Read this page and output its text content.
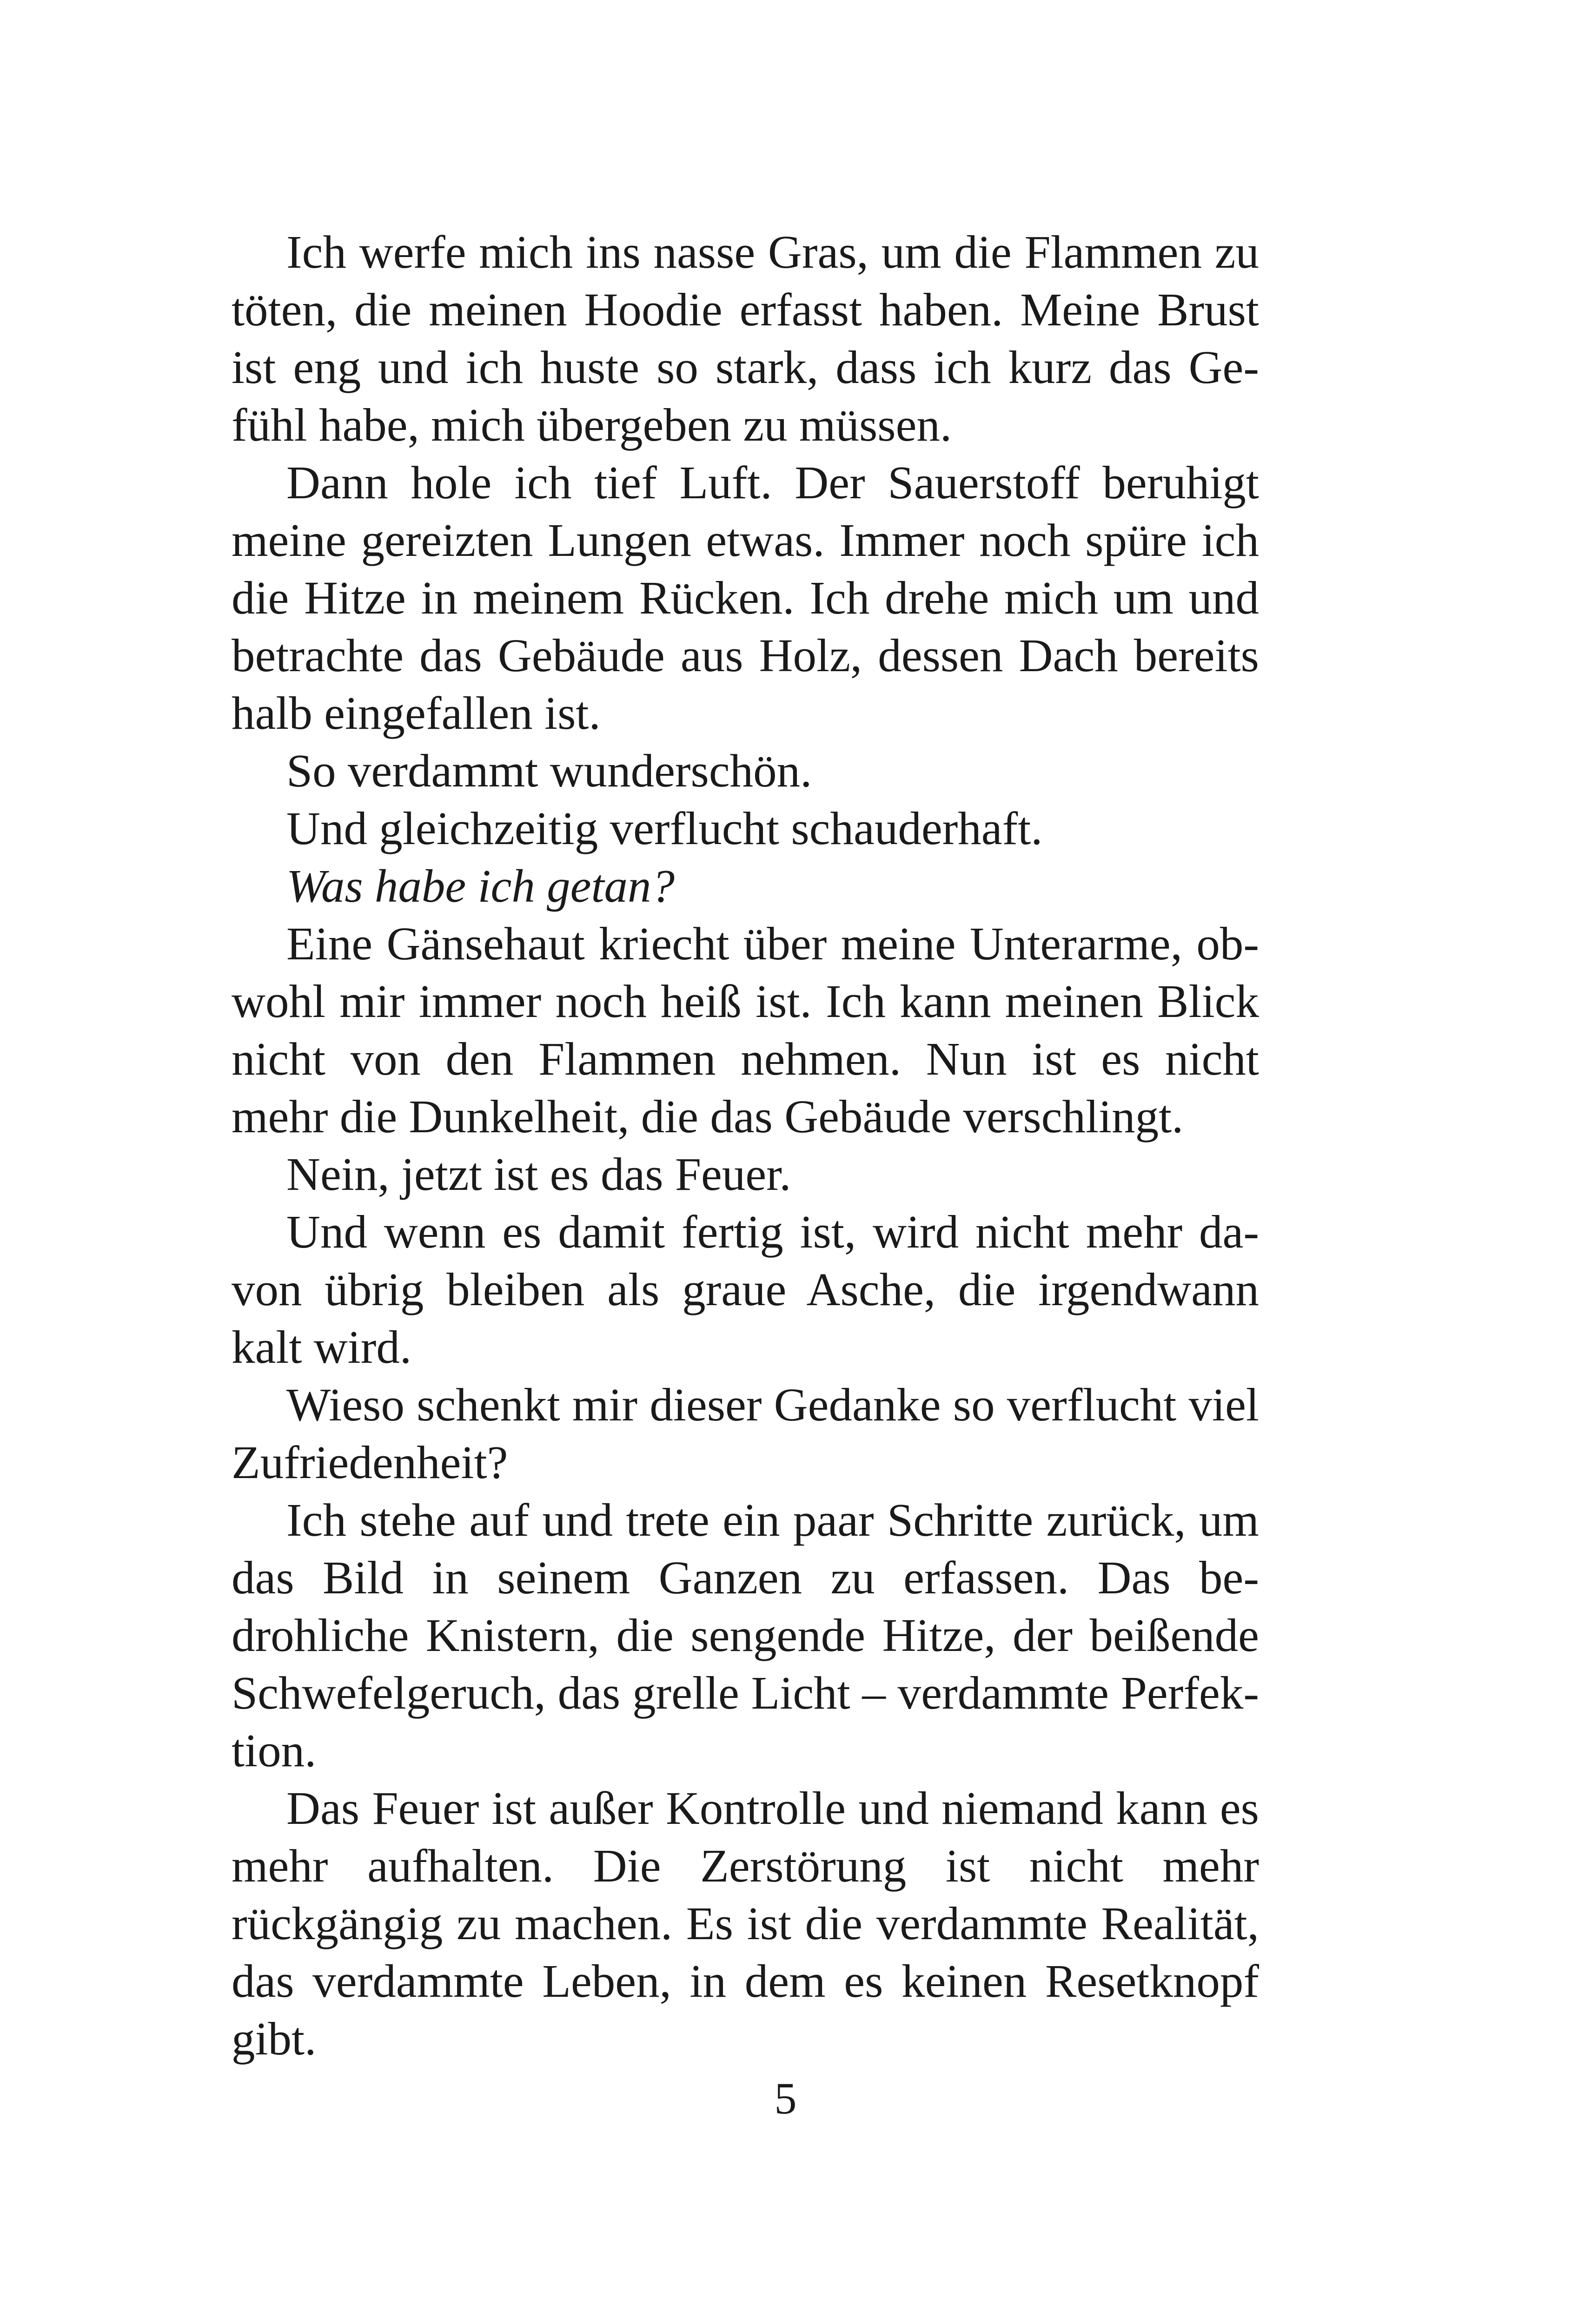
Ich werfe mich ins nasse Gras, um die Flammen zu töten, die meinen Hoodie erfasst haben. Meine Brust ist eng und ich huste so stark, dass ich kurz das Gefühl habe, mich übergeben zu müssen.

Dann hole ich tief Luft. Der Sauerstoff beruhigt meine gereizten Lungen etwas. Immer noch spüre ich die Hitze in meinem Rücken. Ich drehe mich um und betrachte das Gebäude aus Holz, dessen Dach bereits halb eingefallen ist.

So verdammt wunderschön.

Und gleichzeitig verflucht schauderhaft.

Was habe ich getan?

Eine Gänsehaut kriecht über meine Unterarme, obwohl mir immer noch heiß ist. Ich kann meinen Blick nicht von den Flammen nehmen. Nun ist es nicht mehr die Dunkelheit, die das Gebäude verschlingt.

Nein, jetzt ist es das Feuer.

Und wenn es damit fertig ist, wird nicht mehr davon übrig bleiben als graue Asche, die irgendwann kalt wird.

Wieso schenkt mir dieser Gedanke so verflucht viel Zufriedenheit?

Ich stehe auf und trete ein paar Schritte zurück, um das Bild in seinem Ganzen zu erfassen. Das bedrohliche Knistern, die sengende Hitze, der beißende Schwefelgeruch, das grelle Licht – verdammte Perfektion.

Das Feuer ist außer Kontrolle und niemand kann es mehr aufhalten. Die Zerstörung ist nicht mehr rückgängig zu machen. Es ist die verdammte Realität, das verdammte Leben, in dem es keinen Resetknopf gibt.

5
